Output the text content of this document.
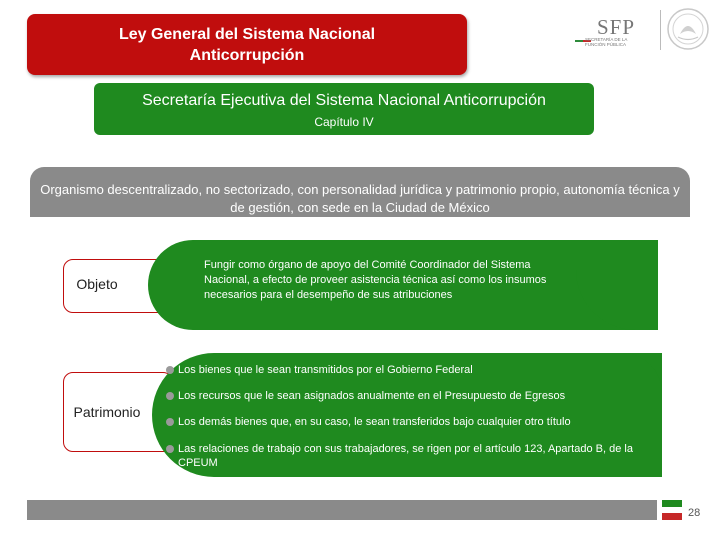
Ley General del Sistema Nacional Anticorrupción
SFP
SECRETARÍA DE LA FUNCIÓN PÚBLICA
Secretaría Ejecutiva del Sistema Nacional Anticorrupción
Capítulo IV
Organismo descentralizado, no sectorizado, con personalidad jurídica y patrimonio propio, autonomía técnica y de gestión, con sede en la Ciudad de México
Objeto
Fungir como órgano de apoyo del Comité Coordinador del Sistema Nacional, a efecto de proveer asistencia técnica así como los insumos necesarios para el desempeño de sus atribuciones
Patrimonio
Los bienes que le sean transmitidos por el Gobierno Federal
Los recursos que le sean asignados anualmente en el Presupuesto de Egresos
Los demás bienes que, en su caso, le sean transferidos bajo cualquier otro título
Las relaciones de trabajo con sus trabajadores, se rigen por el artículo 123, Apartado B, de la CPEUM
28
